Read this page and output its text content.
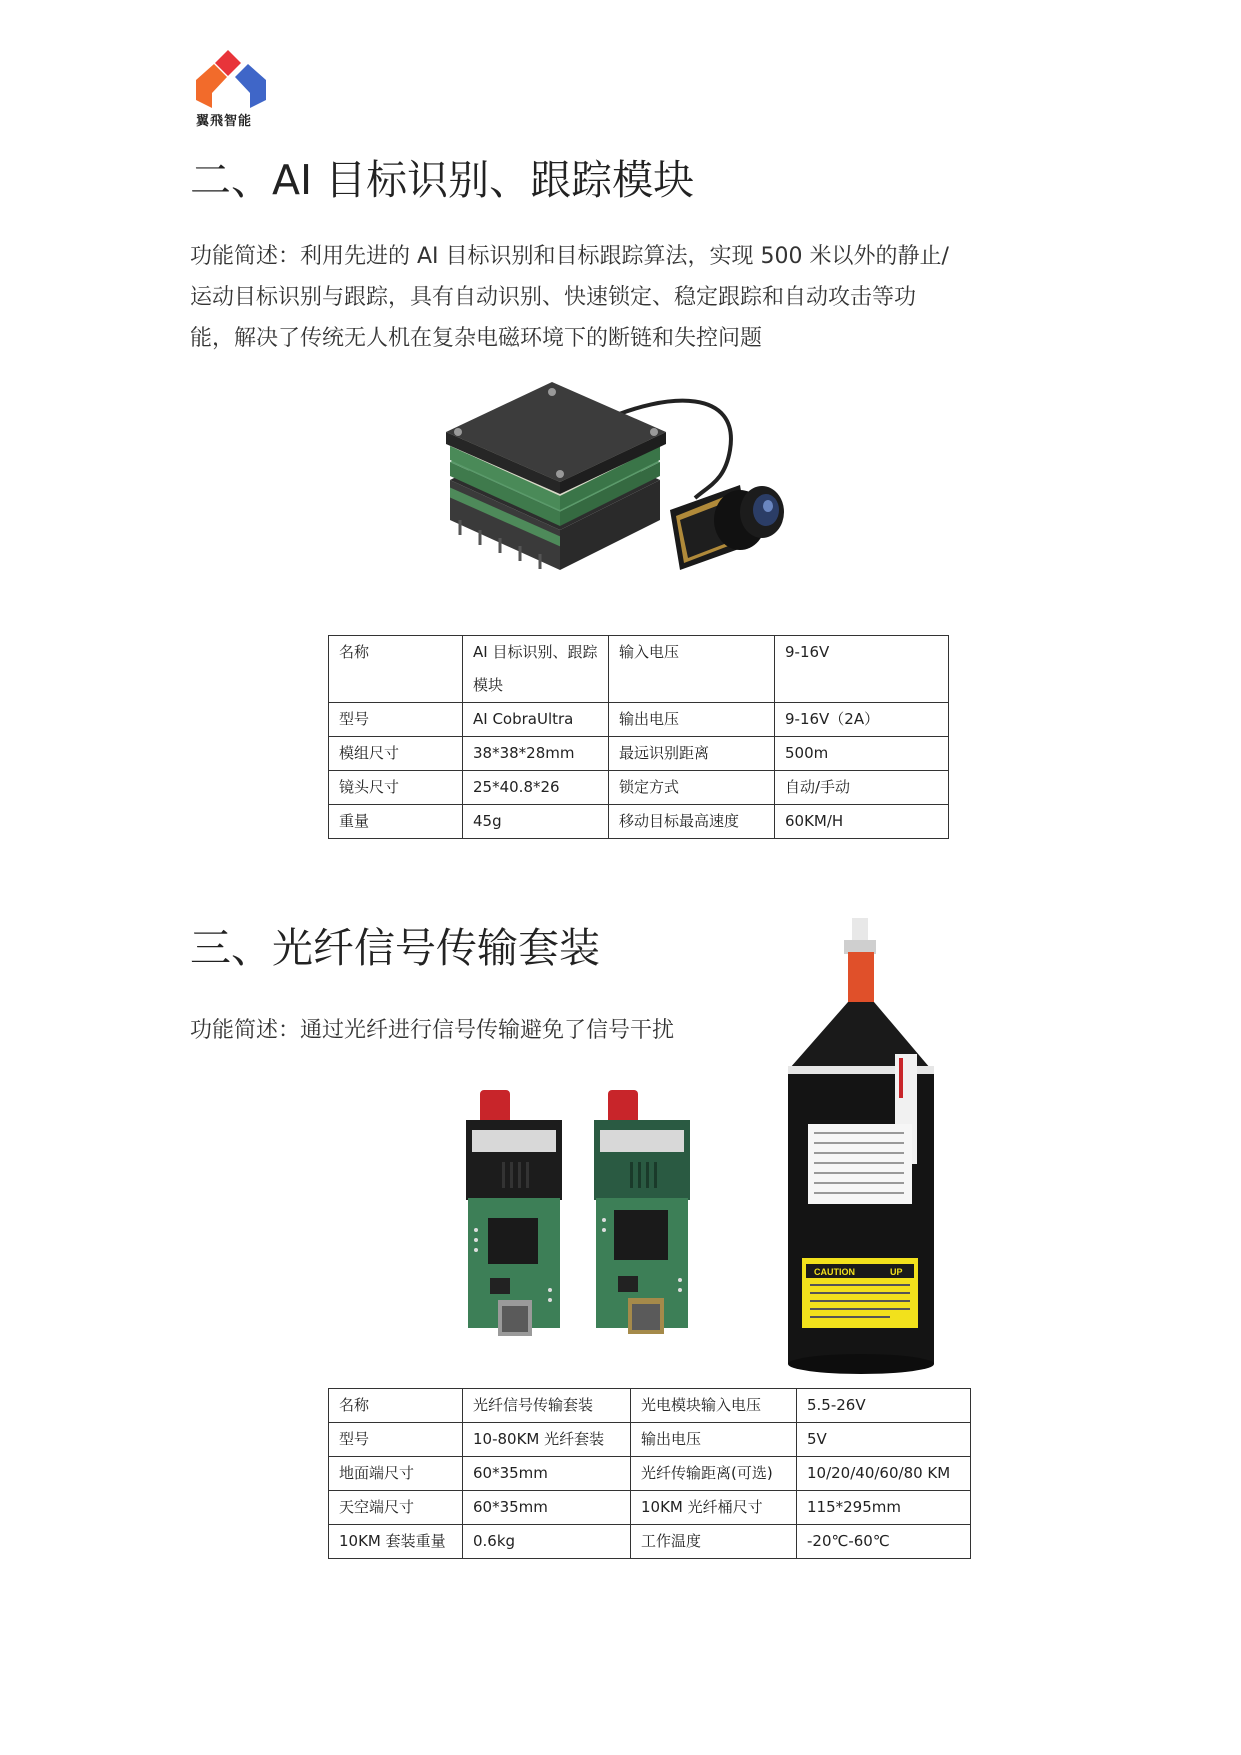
翼飛智能
二、AI 目标识别、跟踪模块

功能简述：利用先进的 AI 目标识别和目标跟踪算法，实现 500 米以外的静止/

运动目标识别与跟踪，具有自动识别、快速锁定、稳定跟踪和自动攻击等功

能，解决了传统无人机在复杂电磁环境下的断链和失控问题

名称	AI 目标识别、跟踪模块	输入电压	9-16V
型号	AI CobraUltra	输出电压	9-16V（2A）
模组尺寸	38*38*28mm	最远识别距离	500m
镜头尺寸	25*40.8*26	锁定方式	自动/手动
重量	45g	移动目标最高速度	60KM/H
三、光纤信号传输套装

功能简述：通过光纤进行信号传输避免了信号干扰

CAUTION	UP
名称	光纤信号传输套装	光电模块输入电压	5.5-26V
型号	10-80KM 光纤套装	输出电压	5V
地面端尺寸	60*35mm	光纤传输距离(可选)	10/20/40/60/80 KM
天空端尺寸	60*35mm	10KM 光纤桶尺寸	115*295mm
10KM 套装重量	0.6kg	工作温度	-20℃-60℃
